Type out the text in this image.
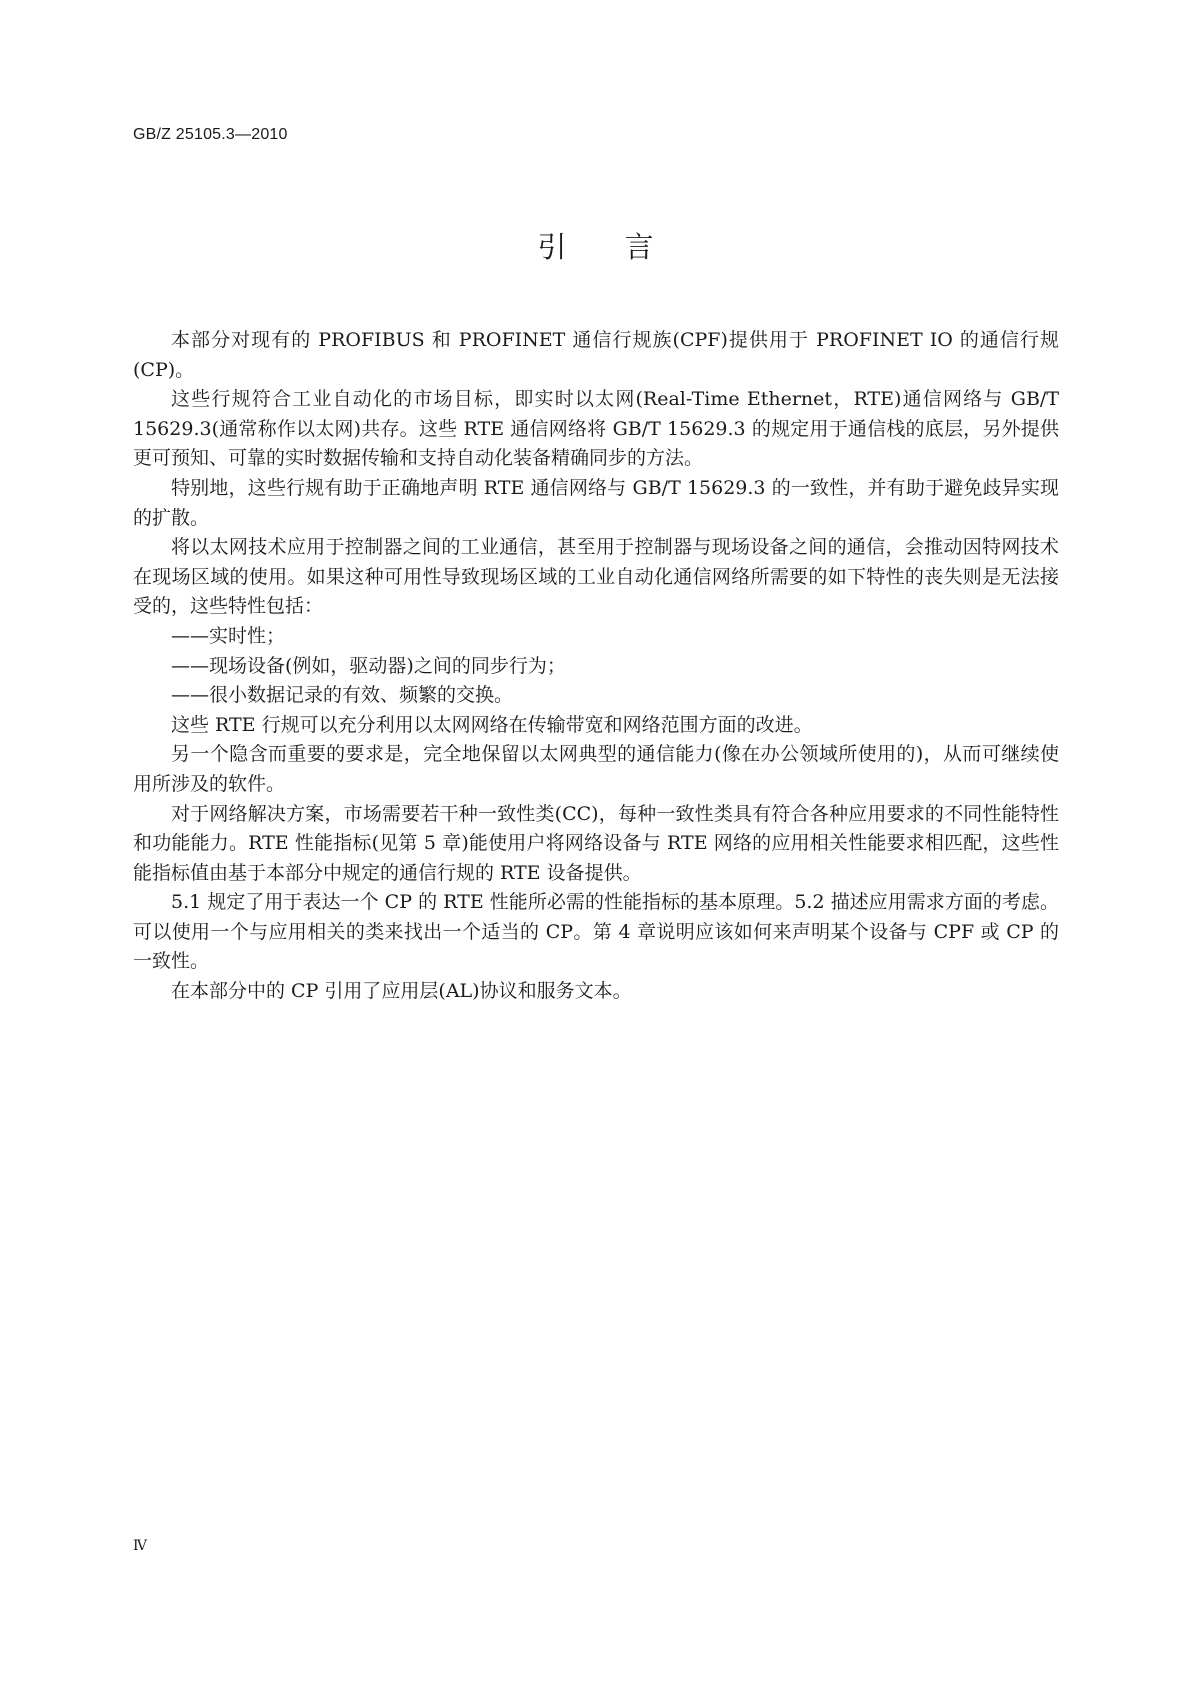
GB/Z 25105.3—2010
引言

本部分对现有的 PROFIBUS 和 PROFINET 通信行规族(CPF)提供用于 PROFINET IO 的通信行规(CP)。

这些行规符合工业自动化的市场目标，即实时以太网(Real-Time Ethernet，RTE)通信网络与 GB/T 15629.3(通常称作以太网)共存。这些 RTE 通信网络将 GB/T 15629.3 的规定用于通信栈的底层，另外提供更可预知、可靠的实时数据传输和支持自动化装备精确同步的方法。

特别地，这些行规有助于正确地声明 RTE 通信网络与 GB/T 15629.3 的一致性，并有助于避免歧异实现的扩散。

将以太网技术应用于控制器之间的工业通信，甚至用于控制器与现场设备之间的通信，会推动因特网技术在现场区域的使用。如果这种可用性导致现场区域的工业自动化通信网络所需要的如下特性的丧失则是无法接受的，这些特性包括：

——实时性；

——现场设备(例如，驱动器)之间的同步行为；

——很小数据记录的有效、频繁的交换。

这些 RTE 行规可以充分利用以太网网络在传输带宽和网络范围方面的改进。

另一个隐含而重要的要求是，完全地保留以太网典型的通信能力(像在办公领域所使用的)，从而可继续使用所涉及的软件。

对于网络解决方案，市场需要若干种一致性类(CC)，每种一致性类具有符合各种应用要求的不同性能特性和功能能力。RTE 性能指标(见第 5 章)能使用户将网络设备与 RTE 网络的应用相关性能要求相匹配，这些性能指标值由基于本部分中规定的通信行规的 RTE 设备提供。

5.1 规定了用于表达一个 CP 的 RTE 性能所必需的性能指标的基本原理。5.2 描述应用需求方面的考虑。可以使用一个与应用相关的类来找出一个适当的 CP。第 4 章说明应该如何来声明某个设备与 CPF 或 CP 的一致性。

在本部分中的 CP 引用了应用层(AL)协议和服务文本。

Ⅳ
